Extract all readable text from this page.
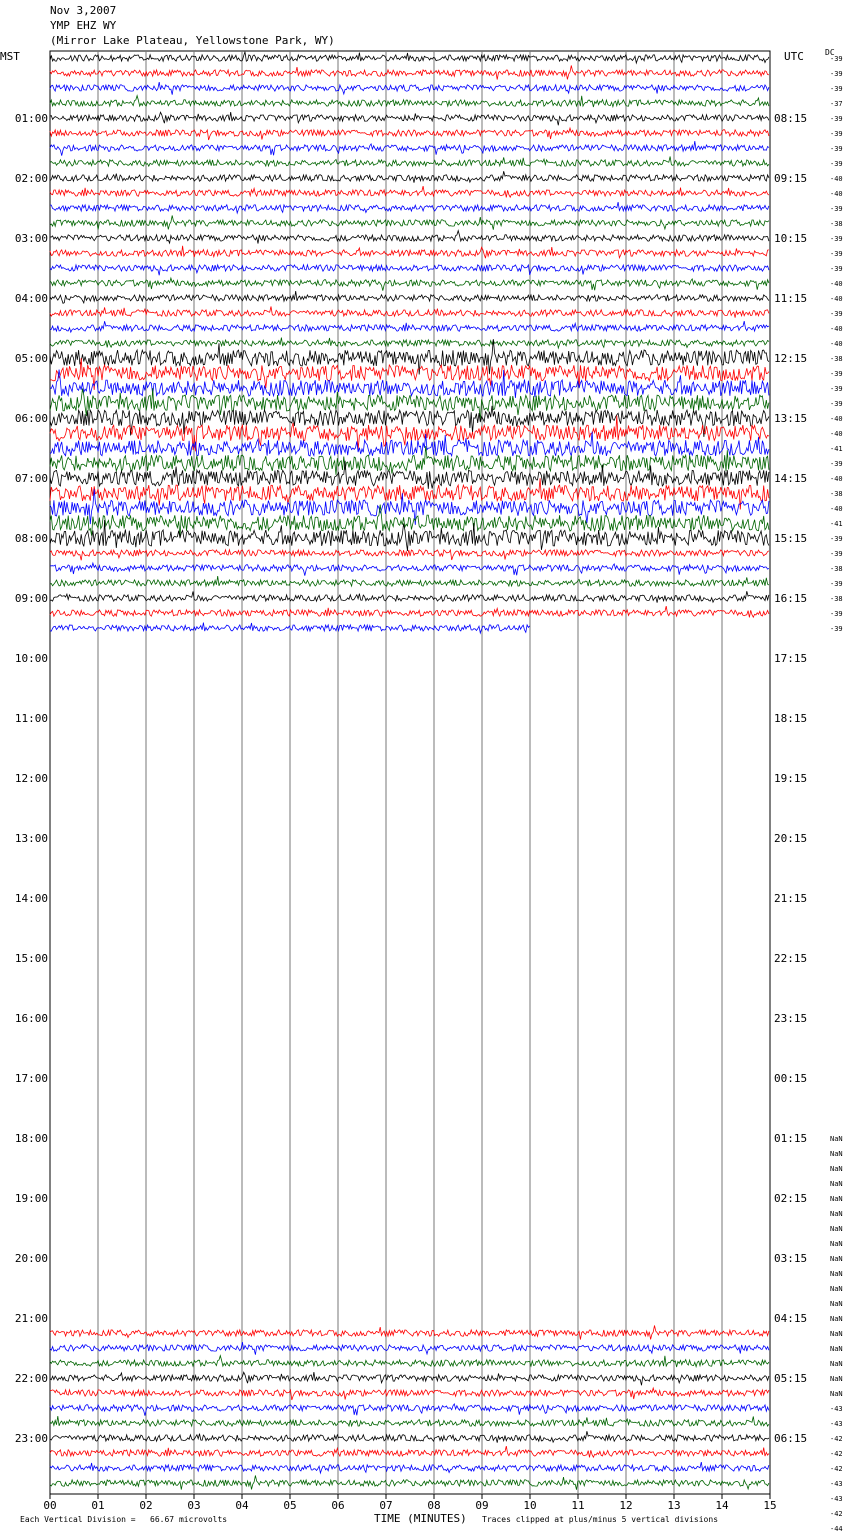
Nov 3,2007
YMP EHZ WY
(Mirror Lake Plateau, Yellowstone Park, WY)
MST	UTC	DC
00	01	02	03	04	05	06	07	08	09	10	11	12	13	14	15
01:00
02:00
03:00
04:00
05:00
06:00
07:00
08:00
09:00
10:00
11:00
12:00
13:00
14:00
15:00
16:00
17:00
18:00
19:00
20:00
21:00
22:00
23:00
08:15
09:15
10:15
11:15
12:15
13:15
14:15
15:15
16:15
17:15
18:15
19:15
20:15
21:15
22:15
23:15
00:15
01:15
02:15
03:15
04:15
05:15
06:15
-39
-39
-39
-37
-39
-39
-39
-39
-40
-40
-39
-38
-39
-39
-39
-40
-40
-39
-40
-40
-38
-39
-39
-39
-40
-40
-41
-39
-40
-38
-40
-41
-39
-39
-38
-39
-38
-39
-39
NaN
NaN
NaN
NaN
NaN
NaN
NaN
NaN
NaN
NaN
NaN
NaN
NaN
NaN
NaN
NaN
NaN
NaN
-43
-43
-42
-42
-42
-43
-43
-42
-44
Each Vertical Division =   66.67 microvolts	TIME (MINUTES) Traces clipped at plus/minus 5 vertical divisions
